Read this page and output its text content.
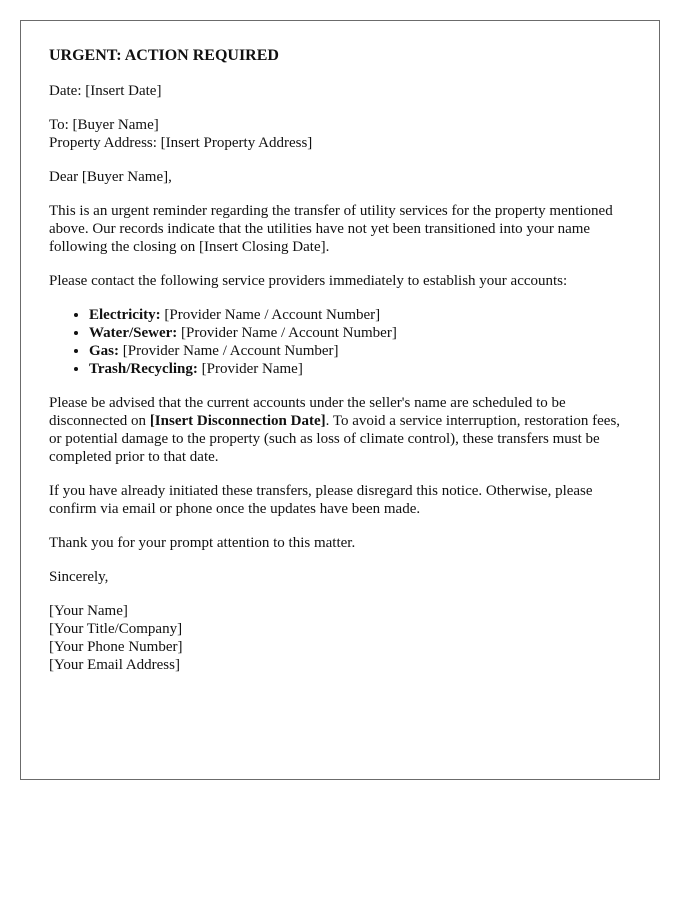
URGENT: ACTION REQUIRED

Date: [Insert Date]

To: [Buyer Name]
Property Address: [Insert Property Address]

Dear [Buyer Name],

This is an urgent reminder regarding the transfer of utility services for the property mentioned above. Our records indicate that the utilities have not yet been transitioned into your name following the closing on [Insert Closing Date].

Please contact the following service providers immediately to establish your accounts:

• Electricity: [Provider Name / Account Number]
• Water/Sewer: [Provider Name / Account Number]
• Gas: [Provider Name / Account Number]
• Trash/Recycling: [Provider Name]

Please be advised that the current accounts under the seller's name are scheduled to be disconnected on [Insert Disconnection Date]. To avoid a service interruption, restoration fees, or potential damage to the property (such as loss of climate control), these transfers must be completed prior to that date.

If you have already initiated these transfers, please disregard this notice. Otherwise, please confirm via email or phone once the updates have been made.

Thank you for your prompt attention to this matter.

Sincerely,

[Your Name]
[Your Title/Company]
[Your Phone Number]
[Your Email Address]
